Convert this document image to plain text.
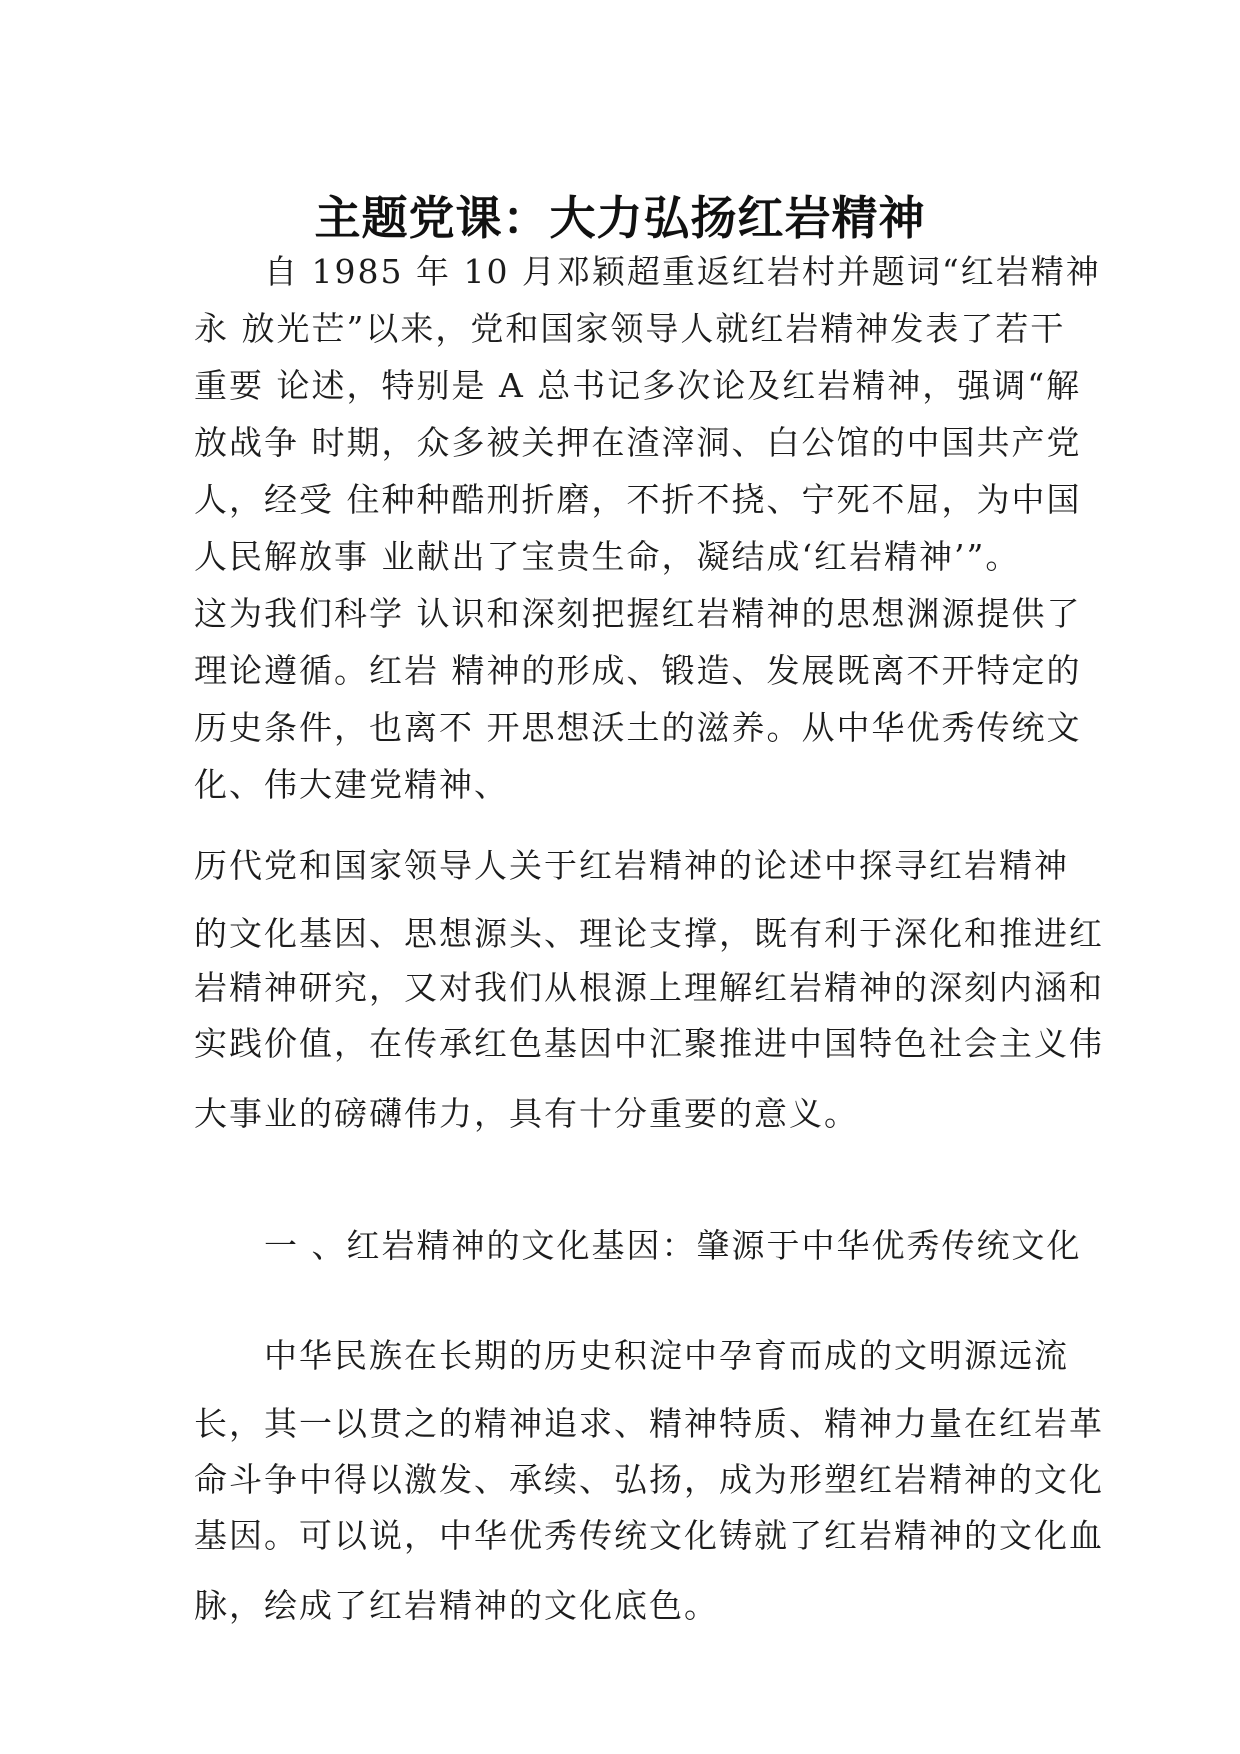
主题党课：大力弘扬红岩精神
自 1985 年 10 月邓颖超重返红岩村并题词“红岩精神
永 放光芒”以来，党和国家领导人就红岩精神发表了若干
重要 论述，特别是 A 总书记多次论及红岩精神，强调“解
放战争 时期，众多被关押在渣滓洞、白公馆的中国共产党
人，经受 住种种酷刑折磨，不折不挠、宁死不屈，为中国
人民解放事 业献出了宝贵生命，凝结成‘红岩精神’”。
这为我们科学 认识和深刻把握红岩精神的思想渊源提供了
理论遵循。红岩 精神的形成、锻造、发展既离不开特定的
历史条件，也离不 开思想沃土的滋养。从中华优秀传统文
化、伟大建党精神、
历代党和国家领导人关于红岩精神的论述中探寻红岩精神
的文化基因、思想源头、理论支撑，既有利于深化和推进红
岩精神研究，又对我们从根源上理解红岩精神的深刻内涵和
实践价值，在传承红色基因中汇聚推进中国特色社会主义伟
大事业的磅礴伟力，具有十分重要的意义。
一 、红岩精神的文化基因：肇源于中华优秀传统文化
中华民族在长期的历史积淀中孕育而成的文明源远流
长，其一以贯之的精神追求、精神特质、精神力量在红岩革
命斗争中得以激发、承续、弘扬，成为形塑红岩精神的文化
基因。可以说，中华优秀传统文化铸就了红岩精神的文化血
脉，绘成了红岩精神的文化底色。
